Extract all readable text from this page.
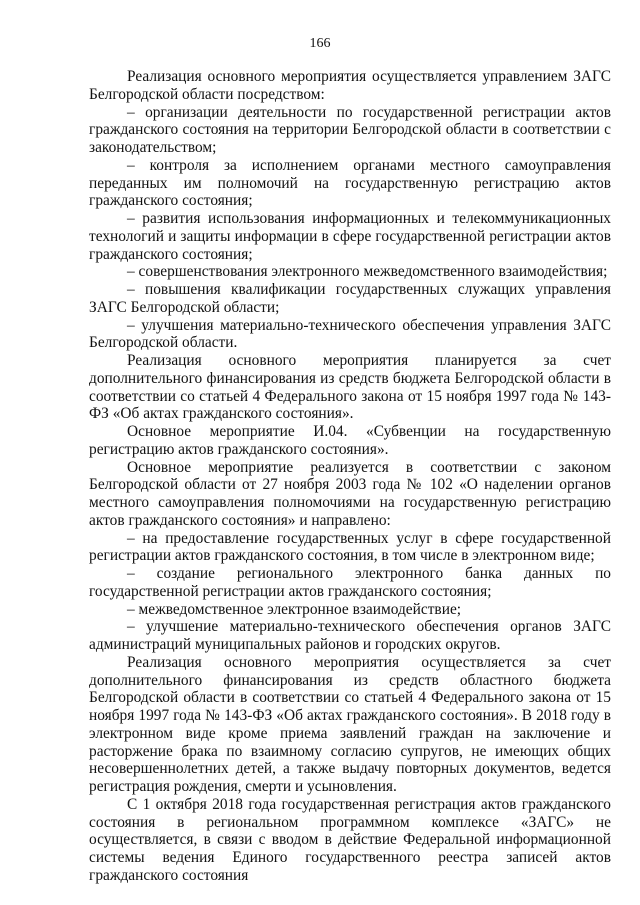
166

Реализация основного мероприятия осуществляется управлением ЗАГС Белгородской области посредством:

– организации деятельности по государственной регистрации актов гражданского состояния на территории Белгородской области в соответствии с законодательством;

– контроля за исполнением органами местного самоуправления переданных им полномочий на государственную регистрацию актов гражданского состояния;

– развития использования информационных и телекоммуникационных технологий и защиты информации в сфере государственной регистрации актов гражданского состояния;

– совершенствования электронного межведомственного взаимодействия;

– повышения квалификации государственных служащих управления ЗАГС Белгородской области;

– улучшения материально-технического обеспечения управления ЗАГС Белгородской области.

Реализация основного мероприятия планируется за счет дополнительного финансирования из средств бюджета Белгородской области в соответствии со статьей 4 Федерального закона от 15 ноября 1997 года № 143-ФЗ «Об актах гражданского состояния».

Основное мероприятие И.04. «Субвенции на государственную регистрацию актов гражданского состояния».

Основное мероприятие реализуется в соответствии с законом Белгородской области от 27 ноября 2003 года № 102 «О наделении органов местного самоуправления полномочиями на государственную регистрацию актов гражданского состояния» и направлено:

– на предоставление государственных услуг в сфере государственной регистрации актов гражданского состояния, в том числе в электронном виде;

– создание регионального электронного банка данных по государственной регистрации актов гражданского состояния;

– межведомственное электронное взаимодействие;

– улучшение материально-технического обеспечения органов ЗАГС администраций муниципальных районов и городских округов.

Реализация основного мероприятия осуществляется за счет дополнительного финансирования из средств областного бюджета Белгородской области в соответствии со статьей 4 Федерального закона от 15 ноября 1997 года № 143-ФЗ «Об актах гражданского состояния». В 2018 году в электронном виде кроме приема заявлений граждан на заключение и расторжение брака по взаимному согласию супругов, не имеющих общих несовершеннолетних детей, а также выдачу повторных документов, ведется регистрация рождения, смерти и усыновления.

С 1 октября 2018 года государственная регистрация актов гражданского состояния в региональном программном комплексе «ЗАГС» не осуществляется, в связи с вводом в действие Федеральной информационной системы ведения Единого государственного реестра записей актов гражданского состояния
